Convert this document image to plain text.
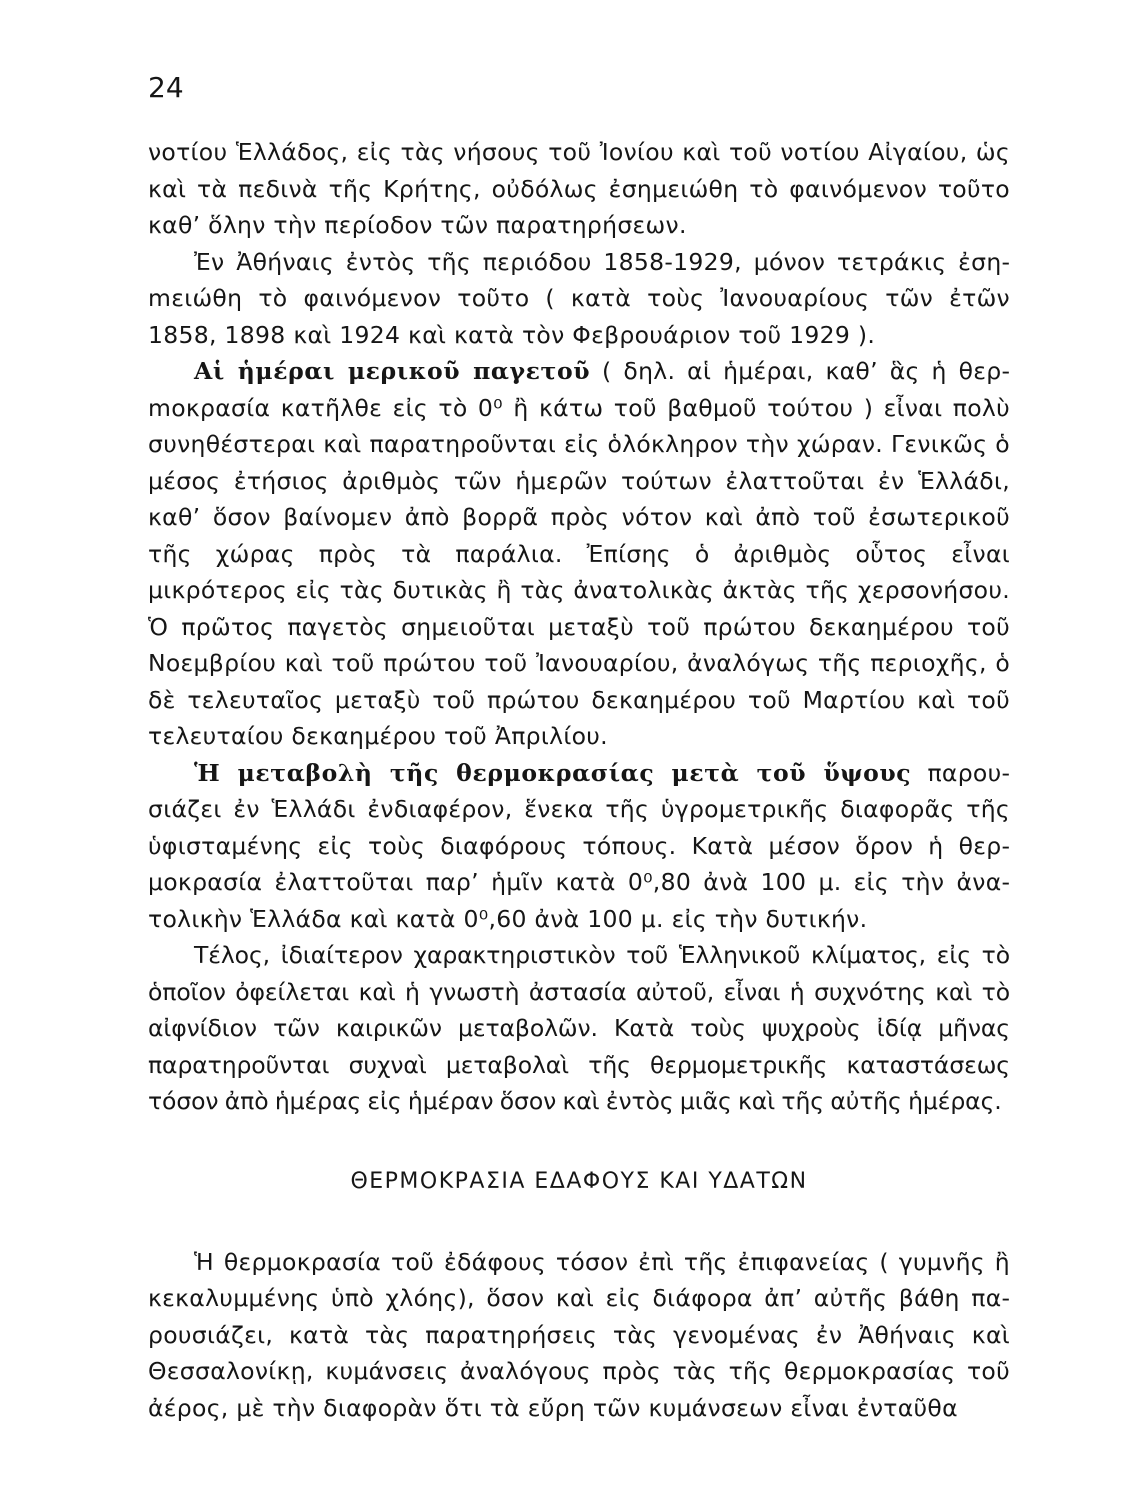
24

νοτίου Ἑλλάδος, εἰς τὰς νήσους τοῦ Ἰονίου καὶ τοῦ νοτίου Αἰγαίου, ὡς καὶ τὰ πεδινὰ τῆς Κρήτης, οὐδόλως ἐσημειώθη τὸ φαινόμενον τοῦτο καθ’ ὅλην τὴν περίοδον τῶν παρατηρήσεων.

Ἐν Ἀθήναις ἐντὸς τῆς περιόδου 1858-1929, μόνον τετράκις ἐσηmειώθη τὸ φαινόμενον τοῦτο ( κατὰ τοὺς Ἰανουαρίους τῶν ἐτῶν 1858, 1898 καὶ 1924 καὶ κατὰ τὸν Φεβρουάριον τοῦ 1929 ).

Αἱ ἡμέραι μερικοῦ παγετοῦ ( δηλ. αἱ ἡμέραι, καθ’ ἃς ἡ θερmοκρασία κατῆλθε εἰς τὸ 0⁰ ἢ κάτω τοῦ βαθμοῦ τούτου ) εἶναι πολὺ συνηθέστεραι καὶ παρατηροῦνται εἰς ὁλόκληρον τὴν χώραν. Γενικῶς ὁ μέσος ἐτήσιος ἀριθμὸς τῶν ἡμερῶν τούτων ἐλαττοῦται ἐν Ἑλλάδι, καθ’ ὅσον βαίνομεν ἀπὸ βορρᾶ πρὸς νότον καὶ ἀπὸ τοῦ ἐσωτερικοῦ τῆς χώρας πρὸς τὰ παράλια. Ἐπίσης ὁ ἀριθμὸς οὗτος εἶναι μικρότερος εἰς τὰς δυτικὰς ἢ τὰς ἀνατολικὰς ἀκτὰς τῆς χερσονήσου. Ὁ πρῶτος παγετὸς σημειοῦται μεταξὺ τοῦ πρώτου δεκαημέρου τοῦ Νοεμβρίου καὶ τοῦ πρώτου τοῦ Ἰανουαρίου, ἀναλόγως τῆς περιοχῆς, ὁ δὲ τελευταῖος μεταξὺ τοῦ πρώτου δεκαημέρου τοῦ Μαρτίου καὶ τοῦ τελευταίου δεκαημέρου τοῦ Ἀπριλίου.

Ἡ μεταβολὴ τῆς θερμοκρασίας μετὰ τοῦ ὕψους παρουσιάζει ἐν Ἑλλάδι ἐνδιαφέρον, ἕνεκα τῆς ὑγρομετρικῆς διαφορᾶς τῆς ὑφισταμένης εἰς τοὺς διαφόρους τόπους. Κατὰ μέσον ὅρον ἡ θερμοκρασία ἐλαττοῦται παρ’ ἡμῖν κατὰ 0⁰,80 ἀνὰ 100 μ. εἰς τὴν ἀνατολικὴν Ἑλλάδα καὶ κατὰ 0⁰,60 ἀνὰ 100 μ. εἰς τὴν δυτικήν.

Τέλος, ἰδιαίτερον χαρακτηριστικὸν τοῦ Ἑλληνικοῦ κλίματος, εἰς τὸ ὁποῖον ὀφείλεται καὶ ἡ γνωστὴ ἀστασία αὐτοῦ, εἶναι ἡ συχνότης καὶ τὸ αἰφνίδιον τῶν καιρικῶν μεταβολῶν. Κατὰ τοὺς ψυχροὺς ἰδίᾳ μῆνας παρατηροῦνται συχναὶ μεταβολαὶ τῆς θερμομετρικῆς καταστάσεως τόσον ἀπὸ ἡμέρας εἰς ἡμέραν ὅσον καὶ ἐντὸς μιᾶς καὶ τῆς αὐτῆς ἡμέρας.

ΘΕΡΜΟΚΡΑΣΙΑ ΕΔΑΦΟΥΣ ΚΑΙ ΥΔΑΤΩΝ

Ἡ θερμοκρασία τοῦ ἐδάφους τόσον ἐπὶ τῆς ἐπιφανείας ( γυμνῆς ἢ κεκαλυμμένης ὑπὸ χλόης), ὅσον καὶ εἰς διάφορα ἀπ’ αὐτῆς βάθη παρουσιάζει, κατὰ τὰς παρατηρήσεις τὰς γενομένας ἐν Ἀθήναις καὶ Θεσσαλονίκῃ, κυμάνσεις ἀναλόγους πρὸς τὰς τῆς θερμοκρασίας τοῦ ἀέρος, μὲ τὴν διαφορὰν ὅτι τὰ εὔρη τῶν κυμάνσεων εἶναι ἐνταῦθα
